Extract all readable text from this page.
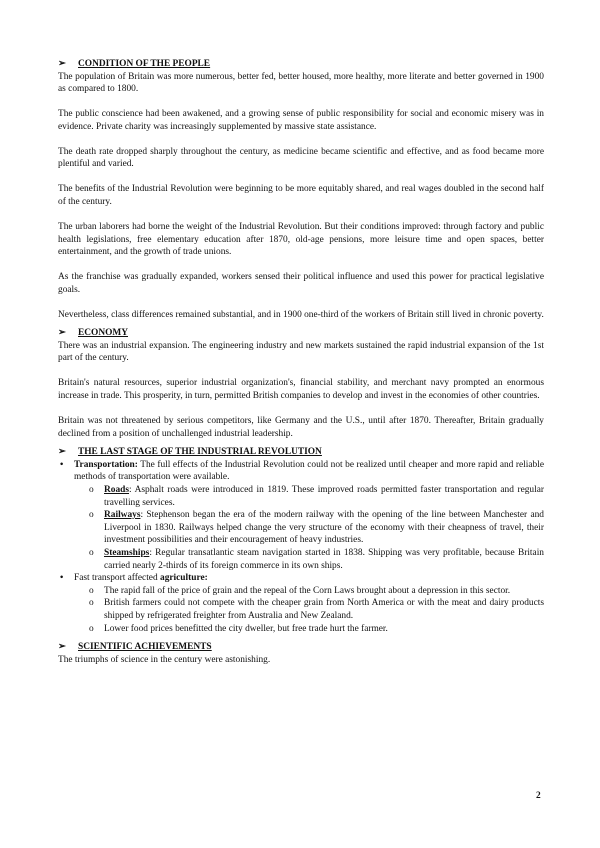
➢ CONDITION OF THE PEOPLE

The population of Britain was more numerous, better fed, better housed, more healthy, more literate and better governed in 1900 as compared to 1800.

The public conscience had been awakened, and a growing sense of public responsibility for social and economic misery was in evidence. Private charity was increasingly supplemented by massive state assistance.

The death rate dropped sharply throughout the century, as medicine became scientific and effective, and as food became more plentiful and varied.

The benefits of the Industrial Revolution were beginning to be more equitably shared, and real wages doubled in the second half of the century.

The urban laborers had borne the weight of the Industrial Revolution. But their conditions improved: through factory and public health legislations, free elementary education after 1870, old-age pensions, more leisure time and open spaces, better entertainment, and the growth of trade unions.

As the franchise was gradually expanded, workers sensed their political influence and used this power for practical legislative goals.

Nevertheless, class differences remained substantial, and in 1900 one-third of the workers of Britain still lived in chronic poverty.

➢ ECONOMY

There was an industrial expansion. The engineering industry and new markets sustained the rapid industrial expansion of the 1st part of the century.

Britain's natural resources, superior industrial organization's, financial stability, and merchant navy prompted an enormous increase in trade. This prosperity, in turn, permitted British companies to develop and invest in the economies of other countries.

Britain was not threatened by serious competitors, like Germany and the U.S., until after 1870. Thereafter, Britain gradually declined from a position of unchallenged industrial leadership.

➢ THE LAST STAGE OF THE INDUSTRIAL REVOLUTION
• Transportation: The full effects of the Industrial Revolution could not be realized until cheaper and more rapid and reliable methods of transportation were available.
o Roads: Asphalt roads were introduced in 1819. These improved roads permitted faster transportation and regular travelling services.
o Railways: Stephenson began the era of the modern railway with the opening of the line between Manchester and Liverpool in 1830. Railways helped change the very structure of the economy with their cheapness of travel, their investment possibilities and their encouragement of heavy industries.
o Steamships: Regular transatlantic steam navigation started in 1838. Shipping was very profitable, because Britain carried nearly 2-thirds of its foreign commerce in its own ships.
• Fast transport affected agriculture:
o The rapid fall of the price of grain and the repeal of the Corn Laws brought about a depression in this sector.
o British farmers could not compete with the cheaper grain from North America or with the meat and dairy products shipped by refrigerated freighter from Australia and New Zealand.
o Lower food prices benefitted the city dweller, but free trade hurt the farmer.
➢ SCIENTIFIC ACHIEVEMENTS

The triumphs of science in the century were astonishing.

2
